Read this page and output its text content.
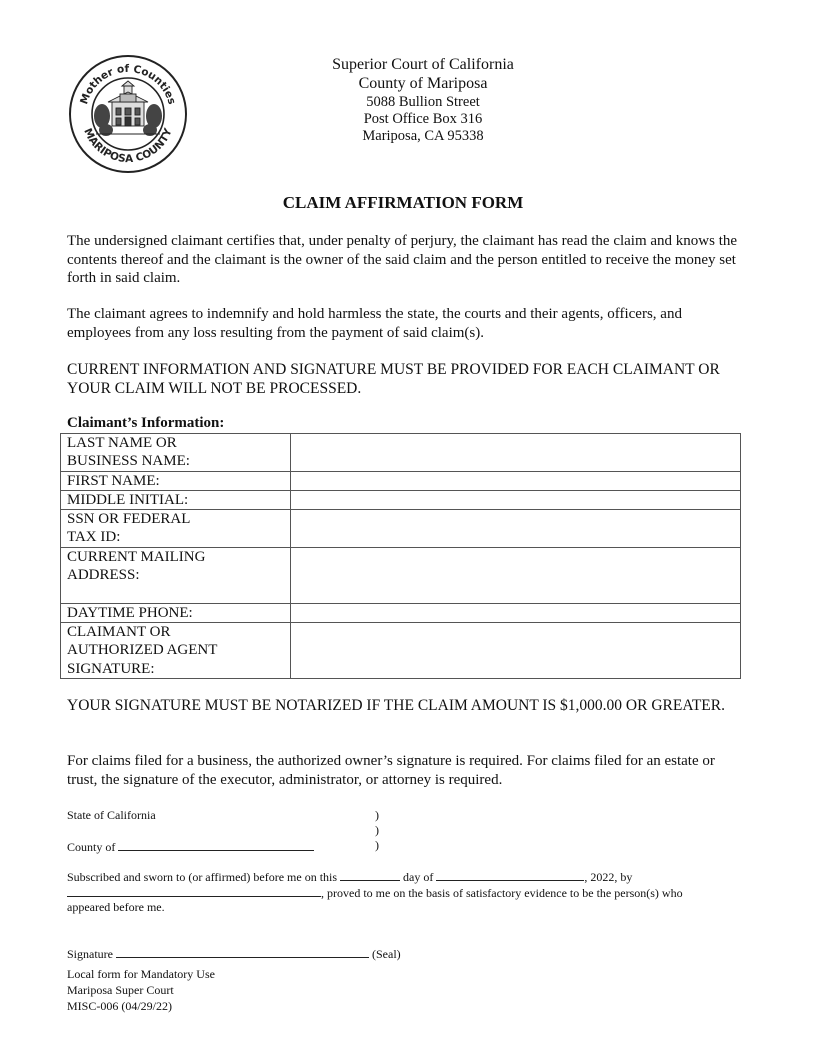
Mother of Counties
MARIPOSA COUNTY
Superior Court of California
County of Mariposa
5088 Bullion Street
Post Office Box 316
Mariposa, CA 95338
CLAIM AFFIRMATION FORM

The undersigned claimant certifies that, under penalty of perjury, the claimant has read the claim and knows the contents thereof and the claimant is the owner of the said claim and the person entitled to receive the money set forth in said claim.

The claimant agrees to indemnify and hold harmless the state, the courts and their agents, officers, and employees from any loss resulting from the payment of said claim(s).

CURRENT INFORMATION AND SIGNATURE MUST BE PROVIDED FOR EACH CLAIMANT OR YOUR CLAIM WILL NOT BE PROCESSED.

Claimant’s Information:
LAST NAME OR
BUSINESS NAME:	
FIRST NAME:	
MIDDLE INITIAL:	
SSN OR FEDERAL
TAX ID:	
CURRENT MAILING
ADDRESS:	
DAYTIME PHONE:	
CLAIMANT OR
AUTHORIZED AGENT
SIGNATURE:	

YOUR SIGNATURE MUST BE NOTARIZED IF THE CLAIM AMOUNT IS $1,000.00 OR GREATER.

For claims filed for a business, the authorized owner’s signature is required. For claims filed for an estate or trust, the signature of the executor, administrator, or attorney is required.

State of California	)
)
County of	)
Subscribed and sworn to (or affirmed) before me on this	day of	, 2022, by
, proved to me on the basis of satisfactory evidence to be the person(s) who
appeared before me.
Signature	(Seal)
Local form for Mandatory Use
Mariposa Super Court
MISC-006 (04/29/22)
